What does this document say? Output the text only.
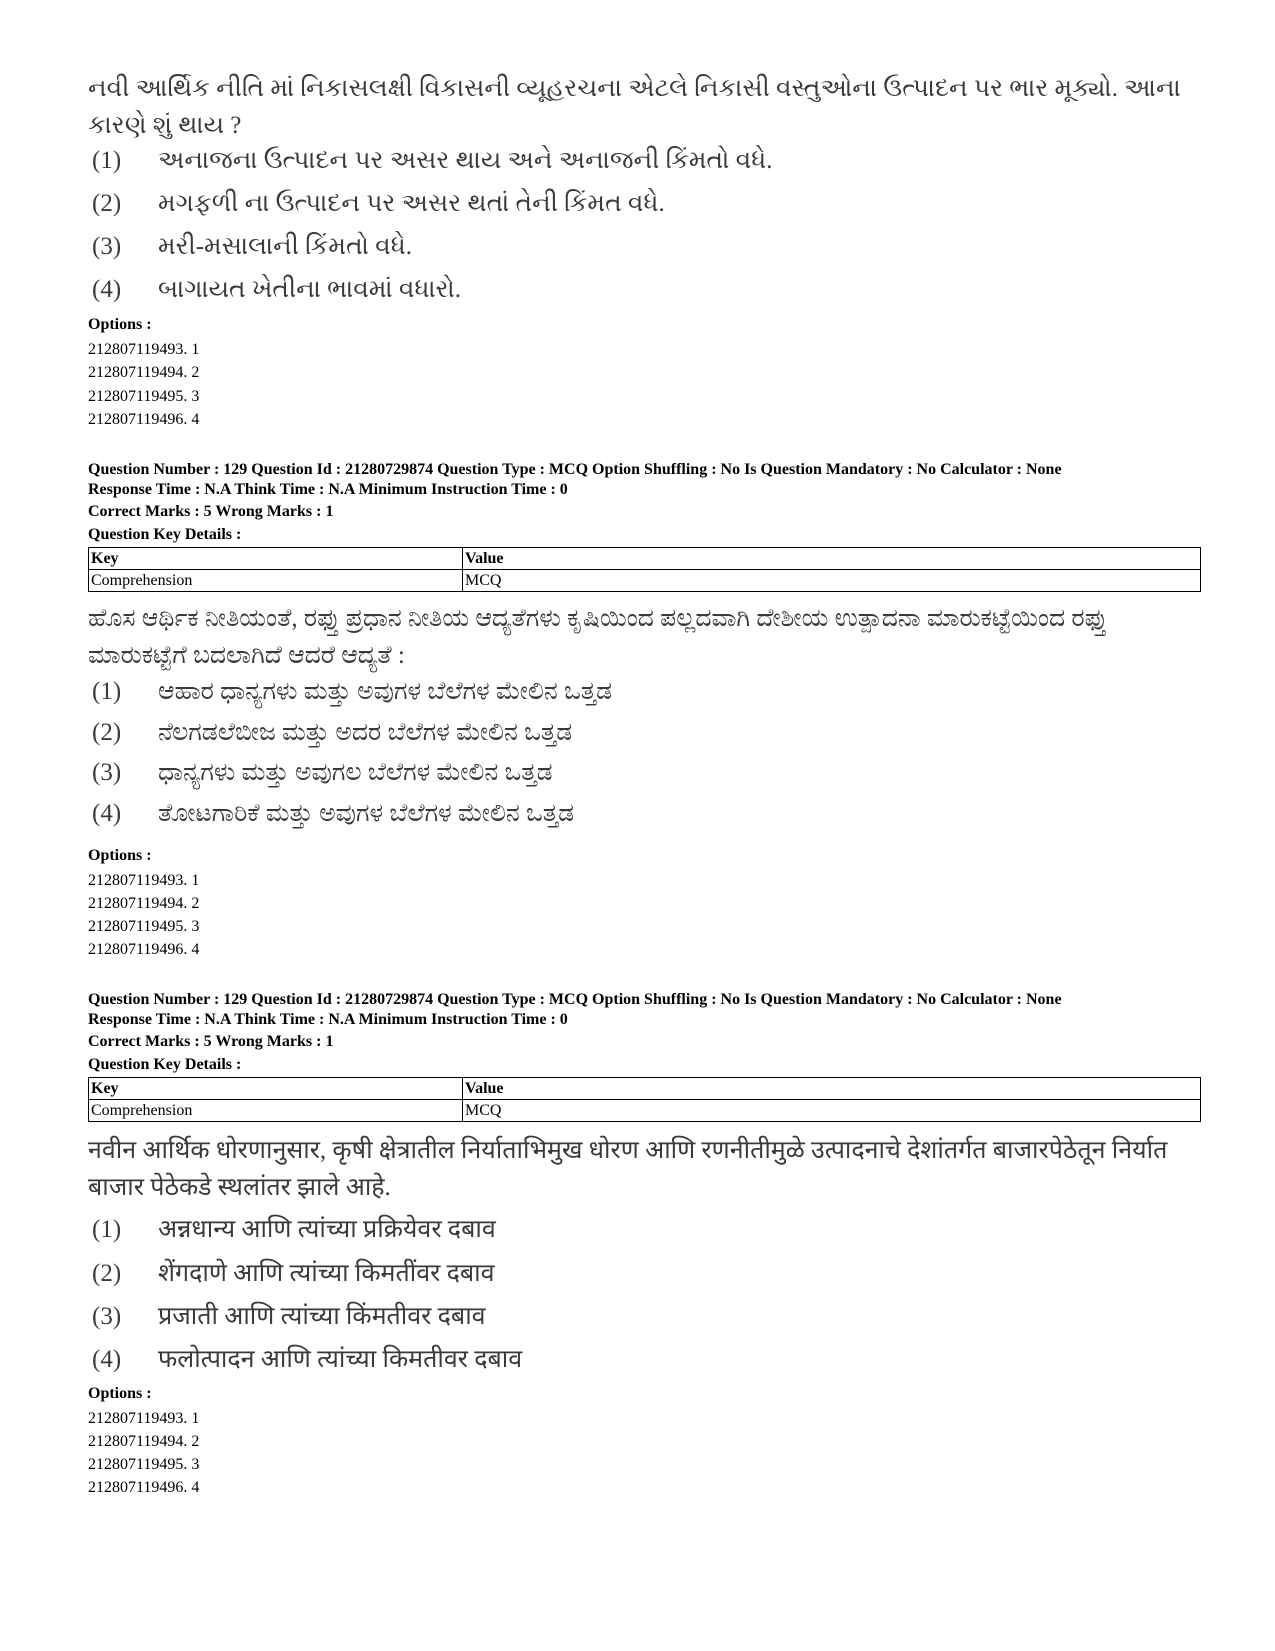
નવી આર્થિક નીતિ માં નિકાસલક્ષી વિકાસની વ્યૂહરચના એટલે નિકાસી વસ્તુઓના ઉત્પાદન પર ભાર મૂક્યો. આના કારણે શું થાય ?
(1) અનાજના ઉત્પાદન પર અસર થાય અને અનાજની કિંમતો વધે.
(2) મગફળી ના ઉત્પાદન પર અસર થતાં તેની કિંમત વધે.
(3) મરી-મસાલાની કિંમતો વધે.
(4) બાગાયત ખેતીના ભાવમાં વધારો.
Options :
212807119493. 1
212807119494. 2
212807119495. 3
212807119496. 4
Question Number : 129 Question Id : 21280729874 Question Type : MCQ Option Shuffling : No Is Question Mandatory : No Calculator : None
Response Time : N.A Think Time : N.A Minimum Instruction Time : 0
Correct Marks : 5 Wrong Marks : 1
Question Key Details :
Key	Value
Comprehension	MCQ
ಹೊಸ ಆರ್ಥಿಕ ನೀತಿಯಂತೆ, ರಫ್ತು ಪ್ರಧಾನ ನೀತಿಯ ಆದ್ಯತೆಗಳು ಕೃಷಿಯಿಂದ ಪಲ್ಲದವಾಗಿ ದೇಶೀಯ ಉತ್ಪಾದನಾ ಮಾರುಕಟ್ಟೆಯಿಂದ ರಫ್ತು ಮಾರುಕಟ್ಟೆಗೆ ಬದಲಾಗಿದೆ ಆದರೆ ಆದ್ಯತೆ :
(1) ಆಹಾರ ಧಾನ್ಯಗಳು ಮತ್ತು ಅವುಗಳ ಬೆಲೆಗಳ ಮೇಲಿನ ಒತ್ತಡ
(2) ನೆಲಗಡಲೆಬೀಜ ಮತ್ತು ಅದರ ಬೆಲೆಗಳ ಮೇಲಿನ ಒತ್ತಡ
(3) ಧಾನ್ಯಗಳು ಮತ್ತು ಅವುಗಲ ಬೆಲೆಗಳ ಮೇಲಿನ ಒತ್ತಡ
(4) ತೋಟಗಾರಿಕೆ ಮತ್ತು ಅವುಗಳ ಬೆಲೆಗಳ ಮೇಲಿನ ಒತ್ತಡ
Options :
212807119493. 1
212807119494. 2
212807119495. 3
212807119496. 4
Question Number : 129 Question Id : 21280729874 Question Type : MCQ Option Shuffling : No Is Question Mandatory : No Calculator : None
Response Time : N.A Think Time : N.A Minimum Instruction Time : 0
Correct Marks : 5 Wrong Marks : 1
Question Key Details :
Key	Value
Comprehension	MCQ
नवीन आर्थिक धोरणानुसार, कृषी क्षेत्रातील निर्याताभिमुख धोरण आणि रणनीतीमुळे उत्पादनाचे देशांतर्गत बाजारपेठेतून निर्यात बाजार पेठेकडे स्थलांतर झाले आहे.
(1) अन्नधान्य आणि त्यांच्या प्रक्रियेवर दबाव
(2) शेंगदाणे आणि त्यांच्या किमतींवर दबाव
(3) प्रजाती आणि त्यांच्या किंमतीवर दबाव
(4) फलोत्पादन आणि त्यांच्या किमतीवर दबाव
Options :
212807119493. 1
212807119494. 2
212807119495. 3
212807119496. 4
